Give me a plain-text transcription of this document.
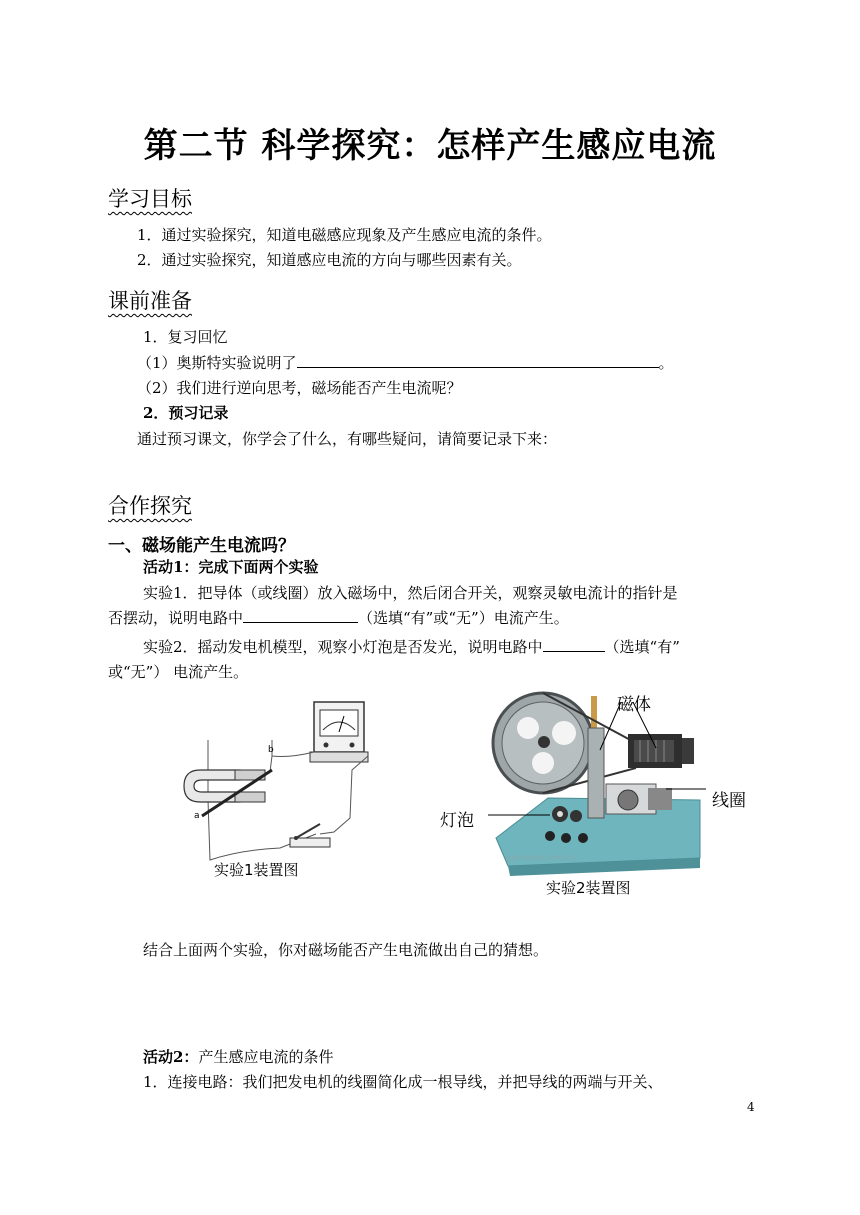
第二节 科学探究：怎样产生感应电流
学习目标
1．通过实验探究，知道电磁感应现象及产生感应电流的条件。
2．通过实验探究，知道感应电流的方向与哪些因素有关。
课前准备
1．复习回忆
（1）奥斯特实验说明了	。
（2）我们进行逆向思考，磁场能否产生电流呢？
2．预习记录
通过预习课文，你学会了什么，有哪些疑问，请简要记录下来：
合作探究
一、磁场能产生电流吗？
活动1：完成下面两个实验
实验1．把导体（或线圈）放入磁场中，然后闭合开关，观察灵敏电流计的指针是
否摆动，说明电路中	（选填“有”或“无”）电流产生。
实验2．摇动发电机模型，观察小灯泡是否发光，说明电路中	（选填“有”
或“无”） 电流产生。
a
b
实验1装置图
gpcrshop.com.cn
磁体
线圈
灯泡
实验2装置图
结合上面两个实验，你对磁场能否产生电流做出自己的猜想。
活动2：产生感应电流的条件
1．连接电路：我们把发电机的线圈简化成一根导线，并把导线的两端与开关、
4
